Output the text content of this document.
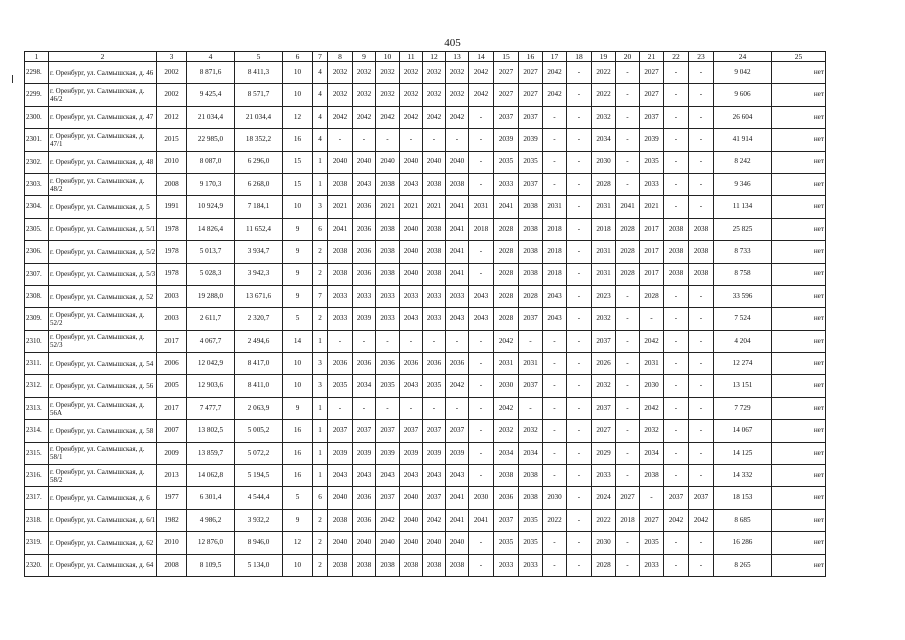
405
1	2	3	4	5	6	7	8	9	10	11	12	13	14	15	16	17	18	19	20	21	22	23	24	25
2298.	г. Оренбург, ул. Салмышская, д. 46	2002	8 871,6	8 411,3	10	4	2032	2032	2032	2032	2032	2032	2042	2027	2027	2042	-	2022	-	2027	-	-	9 042	нет
2299.	г. Оренбург, ул. Салмышская, д. 46/2	2002	9 425,4	8 571,7	10	4	2032	2032	2032	2032	2032	2032	2042	2027	2027	2042	-	2022	-	2027	-	-	9 606	нет
2300.	г. Оренбург, ул. Салмышская, д. 47	2012	21 034,4	21 034,4	12	4	2042	2042	2042	2042	2042	2042	-	2037	2037	-	-	2032	-	2037	-	-	26 604	нет
2301.	г. Оренбург, ул. Салмышская, д. 47/1	2015	22 985,0	18 352,2	16	4	-	-	-	-	-	-	-	2039	2039	-	-	2034	-	2039	-	-	41 914	нет
2302.	г. Оренбург, ул. Салмышская, д. 48	2010	8 087,0	6 296,0	15	1	2040	2040	2040	2040	2040	2040	-	2035	2035	-	-	2030	-	2035	-	-	8 242	нет
2303.	г. Оренбург, ул. Салмышская, д. 48/2	2008	9 170,3	6 268,0	15	1	2038	2043	2038	2043	2038	2038	-	2033	2037	-	-	2028	-	2033	-	-	9 346	нет
2304.	г. Оренбург, ул. Салмышская, д. 5	1991	10 924,9	7 184,1	10	3	2021	2036	2021	2021	2021	2041	2031	2041	2038	2031	-	2031	2041	2021	-	-	11 134	нет
2305.	г. Оренбург, ул. Салмышская, д. 5/1	1978	14 826,4	11 652,4	9	6	2041	2036	2038	2040	2038	2041	2018	2028	2038	2018	-	2018	2028	2017	2038	2038	25 825	нет
2306.	г. Оренбург, ул. Салмышская, д. 5/2	1978	5 013,7	3 934,7	9	2	2038	2036	2038	2040	2038	2041	-	2028	2038	2018	-	2031	2028	2017	2038	2038	8 733	нет
2307.	г. Оренбург, ул. Салмышская, д. 5/3	1978	5 028,3	3 942,3	9	2	2038	2036	2038	2040	2038	2041	-	2028	2038	2018	-	2031	2028	2017	2038	2038	8 758	нет
2308.	г. Оренбург, ул. Салмышская, д. 52	2003	19 288,0	13 671,6	9	7	2033	2033	2033	2033	2033	2033	2043	2028	2028	2043	-	2023	-	2028	-	-	33 596	нет
2309.	г. Оренбург, ул. Салмышская, д. 52/2	2003	2 611,7	2 320,7	5	2	2033	2039	2033	2043	2033	2043	2043	2028	2037	2043	-	2032	-	-	-	-	7 524	нет
2310.	г. Оренбург, ул. Салмышская, д. 52/3	2017	4 067,7	2 494,6	14	1	-	-	-	-	-	-	-	2042	-	-	-	2037	-	2042	-	-	4 204	нет
2311.	г. Оренбург, ул. Салмышская, д. 54	2006	12 042,9	8 417,0	10	3	2036	2036	2036	2036	2036	2036	-	2031	2031	-	-	2026	-	2031	-	-	12 274	нет
2312.	г. Оренбург, ул. Салмышская, д. 56	2005	12 903,6	8 411,0	10	3	2035	2034	2035	2043	2035	2042	-	2030	2037	-	-	2032	-	2030	-	-	13 151	нет
2313.	г. Оренбург, ул. Салмышская, д. 56А	2017	7 477,7	2 063,9	9	1	-	-	-	-	-	-	-	2042	-	-	-	2037	-	2042	-	-	7 729	нет
2314.	г. Оренбург, ул. Салмышская, д. 58	2007	13 802,5	5 005,2	16	1	2037	2037	2037	2037	2037	2037	-	2032	2032	-	-	2027	-	2032	-	-	14 067	нет
2315.	г. Оренбург, ул. Салмышская, д. 58/1	2009	13 859,7	5 072,2	16	1	2039	2039	2039	2039	2039	2039	-	2034	2034	-	-	2029	-	2034	-	-	14 125	нет
2316.	г. Оренбург, ул. Салмышская, д. 58/2	2013	14 062,8	5 194,5	16	1	2043	2043	2043	2043	2043	2043	-	2038	2038	-	-	2033	-	2038	-	-	14 332	нет
2317.	г. Оренбург, ул. Салмышская, д. 6	1977	6 301,4	4 544,4	5	6	2040	2036	2037	2040	2037	2041	2030	2036	2038	2030	-	2024	2027	-	2037	2037	18 153	нет
2318.	г. Оренбург, ул. Салмышская, д. 6/1	1982	4 986,2	3 932,2	9	2	2038	2036	2042	2040	2042	2041	2041	2037	2035	2022	-	2022	2018	2027	2042	2042	8 685	нет
2319.	г. Оренбург, ул. Салмышская, д. 62	2010	12 876,0	8 946,0	12	2	2040	2040	2040	2040	2040	2040	-	2035	2035	-	-	2030	-	2035	-	-	16 286	нет
2320.	г. Оренбург, ул. Салмышская, д. 64	2008	8 109,5	5 134,0	10	2	2038	2038	2038	2038	2038	2038	-	2033	2033	-	-	2028	-	2033	-	-	8 265	нет
